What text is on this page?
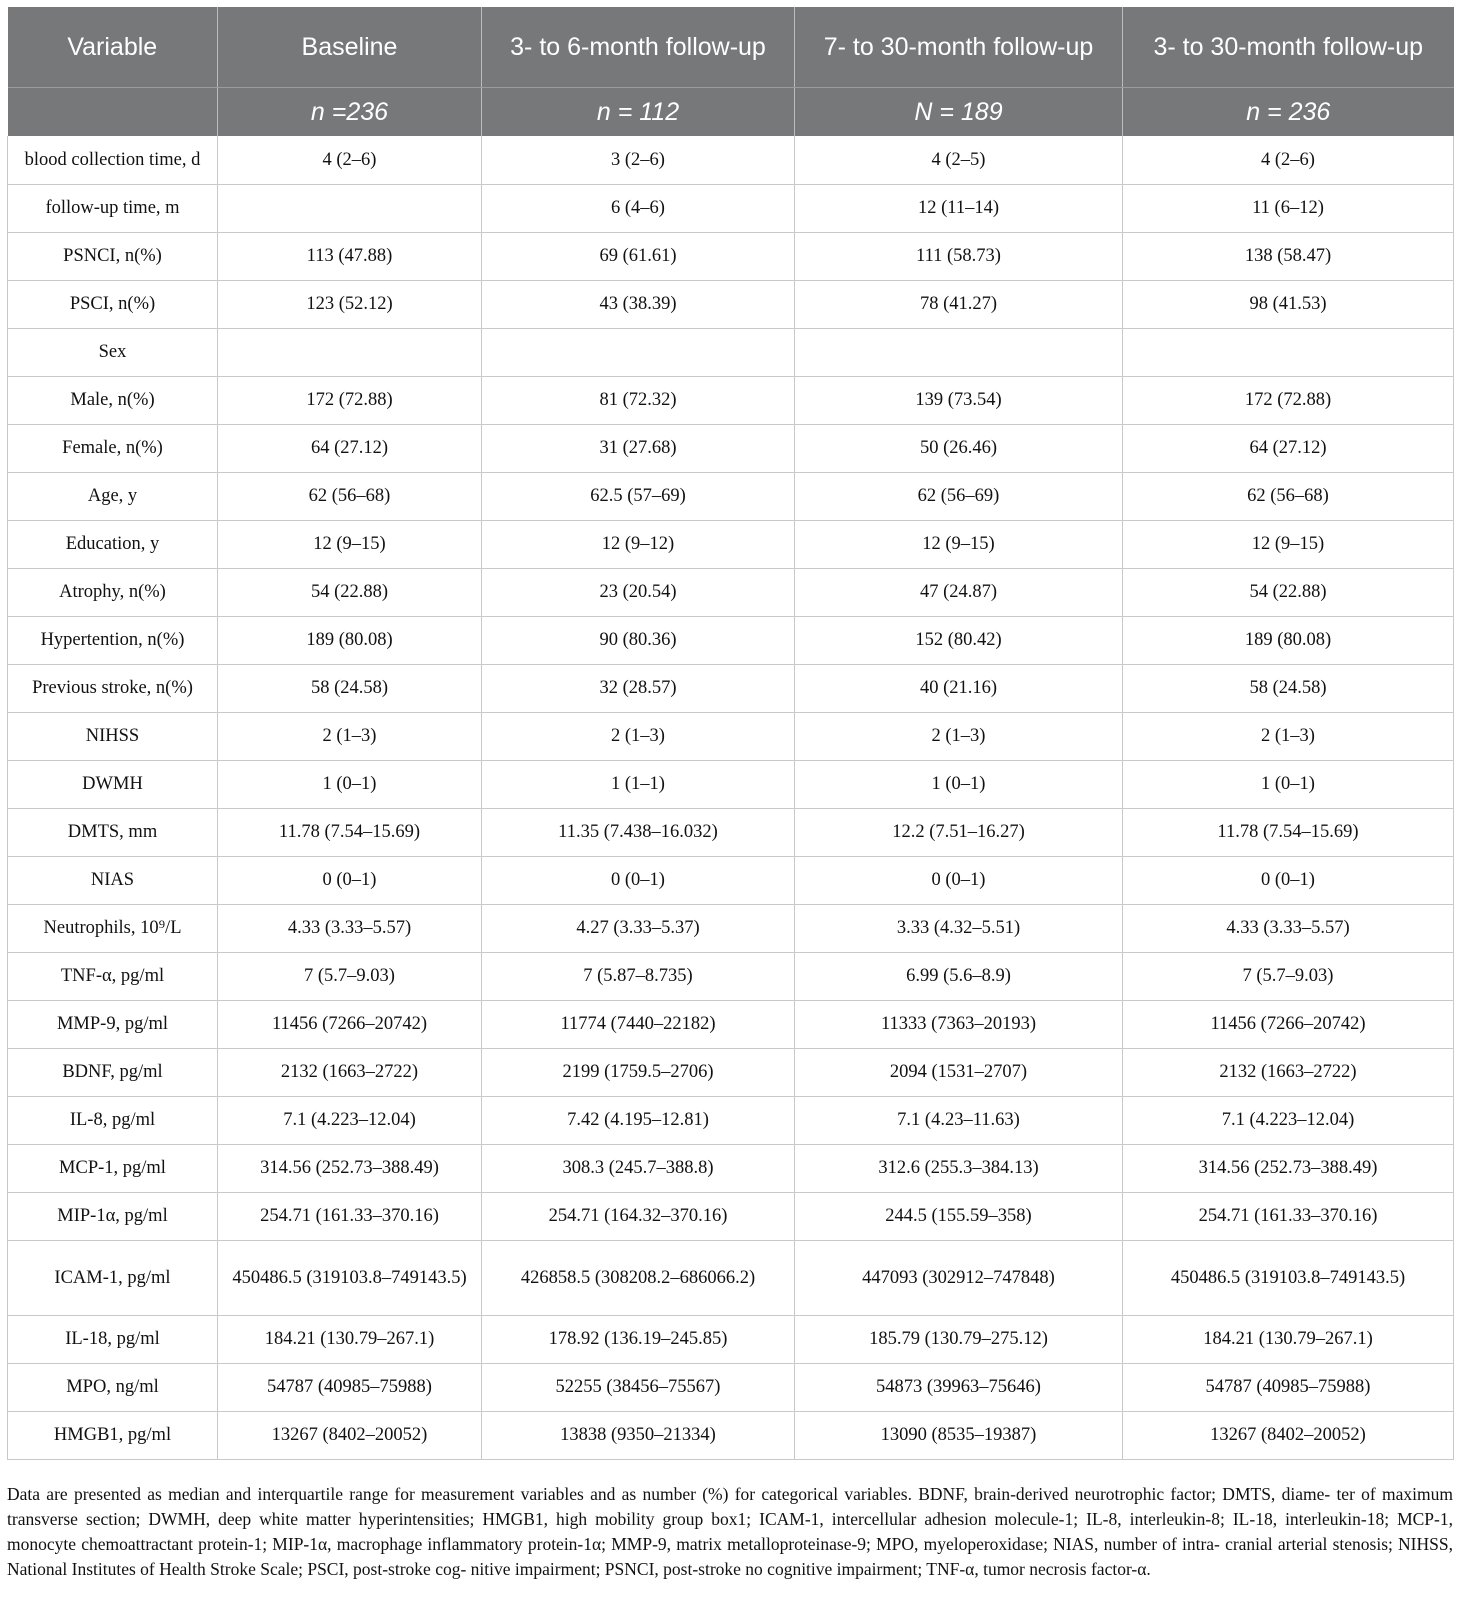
Variable	Baseline	3- to 6-month follow-up	7- to 30-month follow-up	3- to 30-month follow-up
	n =236	n = 112	N = 189	n = 236
blood collection time, d	4 (2–6)	3 (2–6)	4 (2–5)	4 (2–6)
follow-up time, m		6 (4–6)	12 (11–14)	11 (6–12)
PSNCI, n(%)	113 (47.88)	69 (61.61)	111 (58.73)	138 (58.47)
PSCI, n(%)	123 (52.12)	43 (38.39)	78 (41.27)	98 (41.53)
Sex				
Male, n(%)	172 (72.88)	81 (72.32)	139 (73.54)	172 (72.88)
Female, n(%)	64 (27.12)	31 (27.68)	50 (26.46)	64 (27.12)
Age, y	62 (56–68)	62.5 (57–69)	62 (56–69)	62 (56–68)
Education, y	12 (9–15)	12 (9–12)	12 (9–15)	12 (9–15)
Atrophy, n(%)	54 (22.88)	23 (20.54)	47 (24.87)	54 (22.88)
Hypertention, n(%)	189 (80.08)	90 (80.36)	152 (80.42)	189 (80.08)
Previous stroke, n(%)	58 (24.58)	32 (28.57)	40 (21.16)	58 (24.58)
NIHSS	2 (1–3)	2 (1–3)	2 (1–3)	2 (1–3)
DWMH	1 (0–1)	1 (1–1)	1 (0–1)	1 (0–1)
DMTS, mm	11.78 (7.54–15.69)	11.35 (7.438–16.032)	12.2 (7.51–16.27)	11.78 (7.54–15.69)
NIAS	0 (0–1)	0 (0–1)	0 (0–1)	0 (0–1)
Neutrophils, 10⁹/L	4.33 (3.33–5.57)	4.27 (3.33–5.37)	3.33 (4.32–5.51)	4.33 (3.33–5.57)
TNF-α, pg/ml	7 (5.7–9.03)	7 (5.87–8.735)	6.99 (5.6–8.9)	7 (5.7–9.03)
MMP-9, pg/ml	11456 (7266–20742)	11774 (7440–22182)	11333 (7363–20193)	11456 (7266–20742)
BDNF, pg/ml	2132 (1663–2722)	2199 (1759.5–2706)	2094 (1531–2707)	2132 (1663–2722)
IL-8, pg/ml	7.1 (4.223–12.04)	7.42 (4.195–12.81)	7.1 (4.23–11.63)	7.1 (4.223–12.04)
MCP-1, pg/ml	314.56 (252.73–388.49)	308.3 (245.7–388.8)	312.6 (255.3–384.13)	314.56 (252.73–388.49)
MIP-1α, pg/ml	254.71 (161.33–370.16)	254.71 (164.32–370.16)	244.5 (155.59–358)	254.71 (161.33–370.16)
ICAM-1, pg/ml	450486.5 (319103.8–749143.5)	426858.5 (308208.2–686066.2)	447093 (302912–747848)	450486.5 (319103.8–749143.5)
IL-18, pg/ml	184.21 (130.79–267.1)	178.92 (136.19–245.85)	185.79 (130.79–275.12)	184.21 (130.79–267.1)
MPO, ng/ml	54787 (40985–75988)	52255 (38456–75567)	54873 (39963–75646)	54787 (40985–75988)
HMGB1, pg/ml	13267 (8402–20052)	13838 (9350–21334)	13090 (8535–19387)	13267 (8402–20052)
Data are presented as median and interquartile range for measurement variables and as number (%) for categorical variables. BDNF, brain-derived neurotrophic factor; DMTS, diame- ter of maximum transverse section; DWMH, deep white matter hyperintensities; HMGB1, high mobility group box1; ICAM-1, intercellular adhesion molecule-1; IL-8, interleukin-8; IL-18, interleukin-18; MCP-1, monocyte chemoattractant protein-1; MIP-1α, macrophage inflammatory protein-1α; MMP-9, matrix metalloproteinase-9; MPO, myeloperoxidase; NIAS, number of intra- cranial arterial stenosis; NIHSS, National Institutes of Health Stroke Scale; PSCI, post-stroke cog- nitive impairment; PSNCI, post-stroke no cognitive impairment; TNF-α, tumor necrosis factor-α.
